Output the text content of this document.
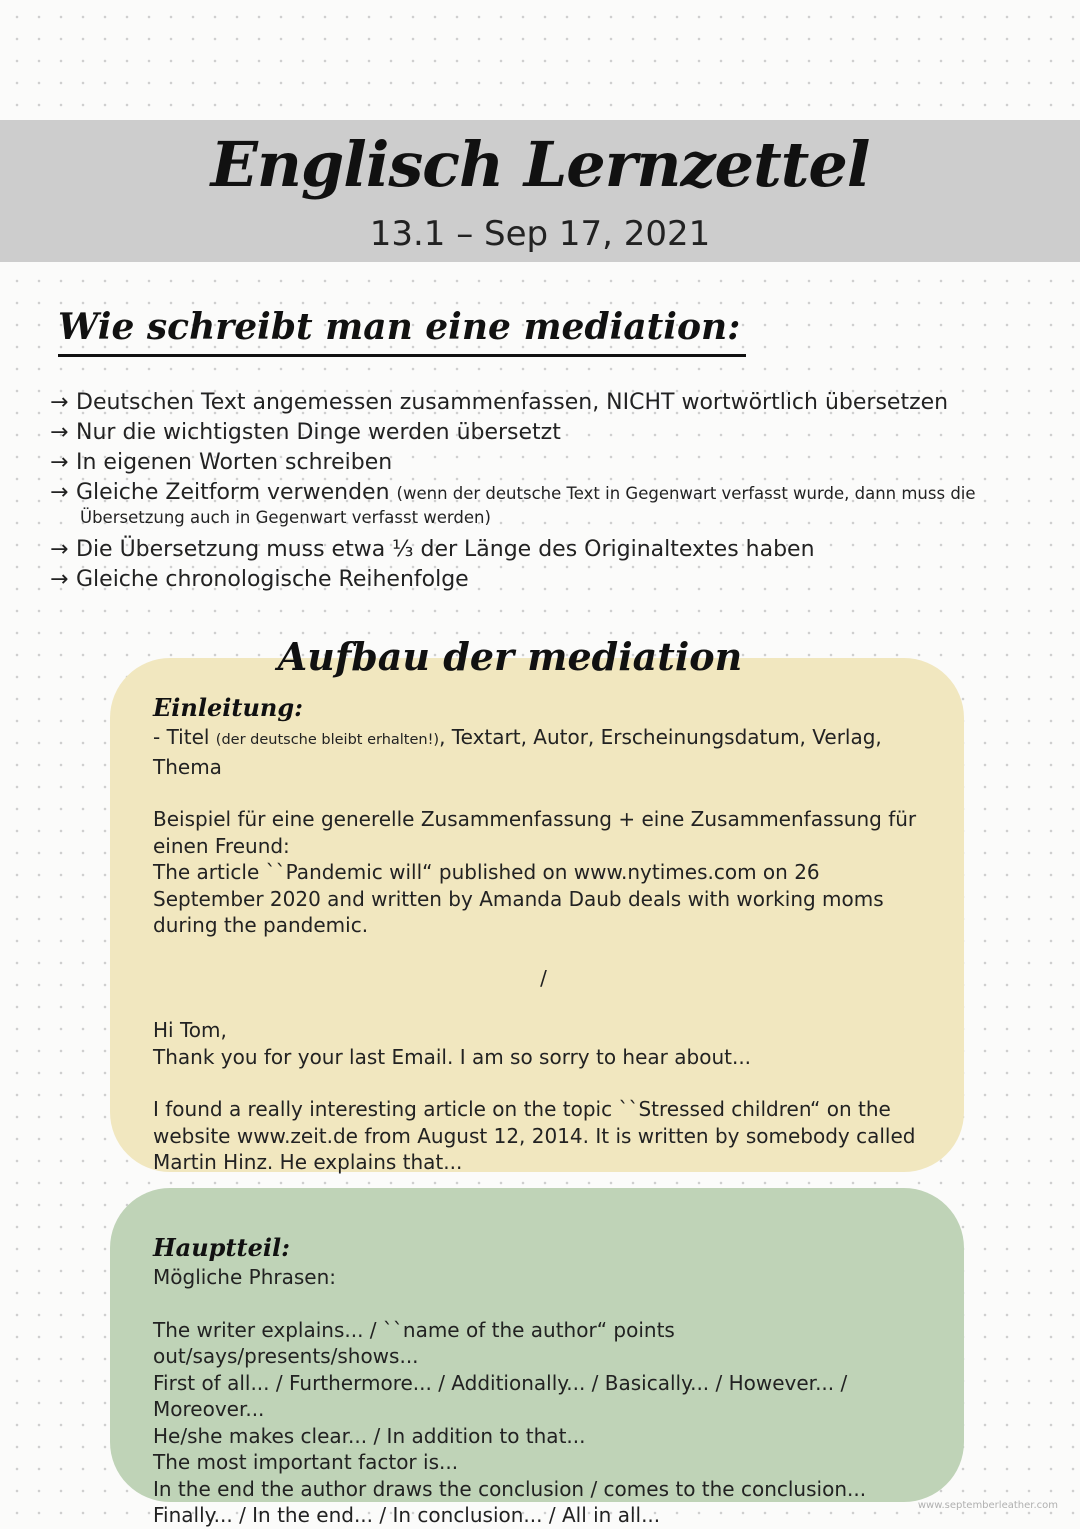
Englisch Lernzettel
13.1 – Sep 17, 2021
Wie schreibt man eine mediation:
→ Deutschen Text angemessen zusammenfassen, NICHT wortwörtlich übersetzen
→ Nur die wichtigsten Dinge werden übersetzt
→ In eigenen Worten schreiben
→ Gleiche Zeitform verwenden (wenn der deutsche Text in Gegenwart verfasst wurde, dann muss die
Übersetzung auch in Gegenwart verfasst werden)
→ Die Übersetzung muss etwa ⅓ der Länge des Originaltextes haben
→ Gleiche chronologische Reihenfolge
Einleitung:

- Titel (der deutsche bleibt erhalten!), Textart, Autor, Erscheinungsdatum, Verlag, Thema

Beispiel für eine generelle Zusammenfassung + eine Zusammenfassung für einen Freund:

The article ``Pandemic will“ published on www.nytimes.com on 26 September 2020 and written by Amanda Daub deals with working moms during the pandemic.

/

Hi Tom,

Thank you for your last Email. I am so sorry to hear about...

I found a really interesting article on the topic ``Stressed children“ on the website www.zeit.de from August 12, 2014. It is written by somebody called Martin Hinz. He explains that...

Aufbau der mediation
Hauptteil:

Mögliche Phrasen:

The writer explains... / ``name of the author“ points out/says/presents/shows...

First of all... / Furthermore... / Additionally... / Basically... / However... / Moreover...

He/she makes clear... / In addition to that...

The most important factor is...

In the end the author draws the conclusion / comes to the conclusion...

Finally... / In the end... / In conclusion... / All in all...	www.septemberleather.com
